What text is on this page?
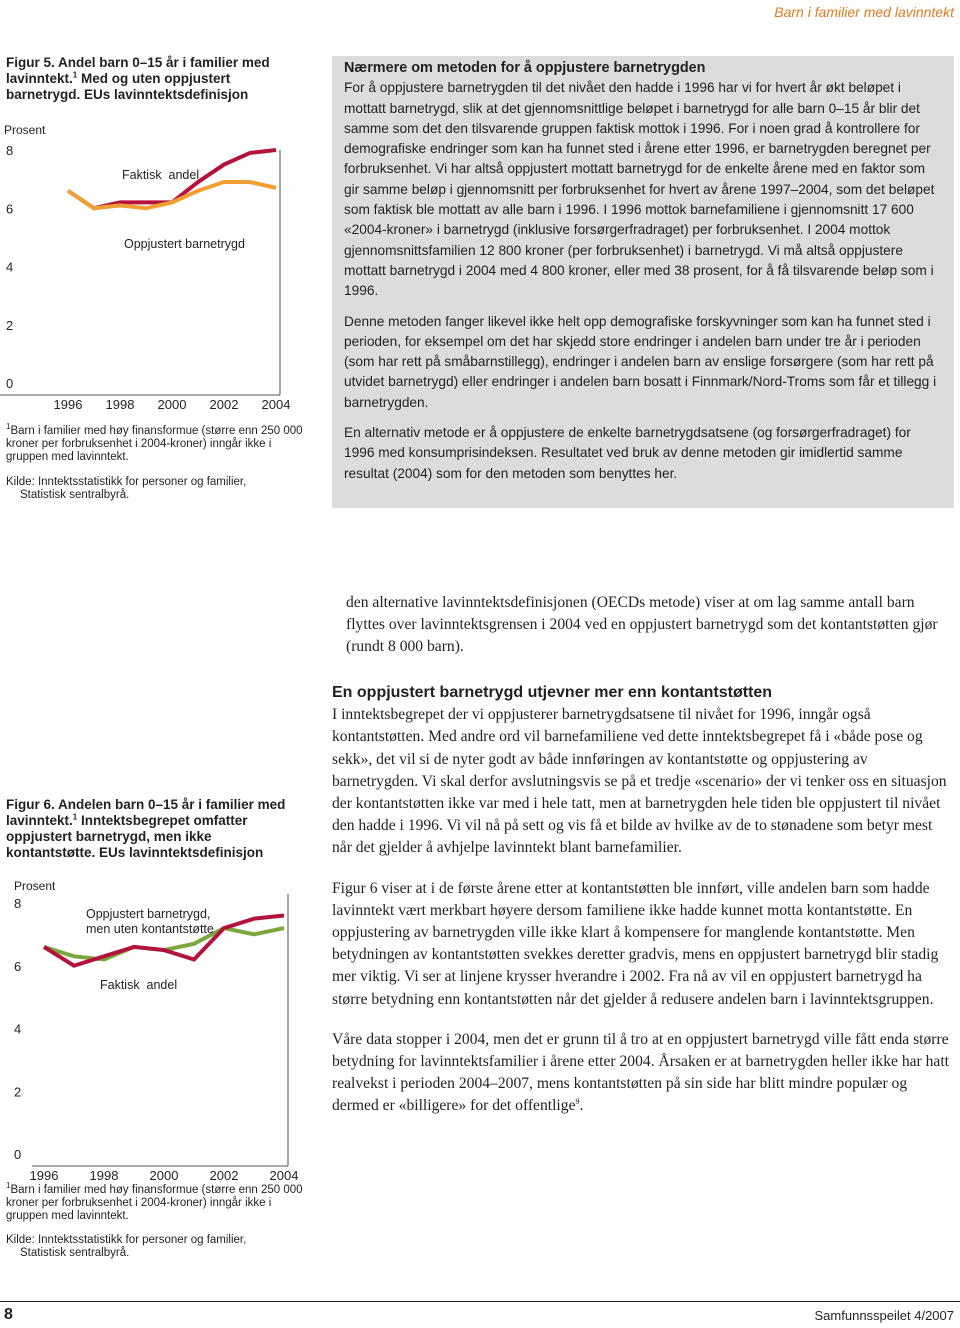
Barn i familier med lavinntekt
Figur 5. Andel barn 0–15 år i familier med lavinntekt.$^1$ Med og uten oppjustert barnetrygd. EUs lavinntektsdefinisjon
Prosent
0
2
4
6
8
1996 1998 2000 2002 2004
Faktisk  andel
Oppjustert barnetrygd
$^1$Barn i familier med høy finansformue (større enn 250 000 kroner per forbruksenhet i 2004-kroner) inngår ikke i gruppen med lavinntekt.
Kilde: Inntektsstatistikk for personer og familier,
Statistisk sentralbyrå.
Nærmere om metoden for å oppjustere barnetrygden

For å oppjustere barnetrygden til det nivået den hadde i 1996 har vi for hvert år økt beløpet i mottatt barnetrygd, slik at det gjennomsnittlige beløpet i barnetrygd for alle barn 0–15 år blir det samme som det den tilsvarende gruppen faktisk mottok i 1996. For i noen grad å kontrollere for demografiske endringer som kan ha funnet sted i årene etter 1996, er barnetrygden beregnet per forbruksenhet. Vi har altså oppjustert mottatt barnetrygd for de enkelte årene med en faktor som gir samme beløp i gjennomsnitt per forbruksenhet for hvert av årene 1997–2004, som det beløpet som faktisk ble mottatt av alle barn i 1996. I 1996 mottok barnefamiliene i gjennomsnitt 17 600 «2004-kroner» i barnetrygd (inklusive forsørgerfradraget) per forbruksenhet. I 2004 mottok gjennomsnittsfamilien 12 800 kroner (per forbruksenhet) i barnetrygd. Vi må altså oppjustere mottatt barnetrygd i 2004 med 4 800 kroner, eller med 38 prosent, for å få tilsvarende beløp som i 1996.

Denne metoden fanger likevel ikke helt opp demografiske forskyvninger som kan ha funnet sted i perioden, for eksempel om det har skjedd store endringer i andelen barn under tre år i perioden (som har rett på småbarnstillegg), endringer i andelen barn av enslige forsørgere (som har rett på utvidet barnetrygd) eller endringer i andelen barn bosatt i Finnmark/Nord-Troms som får et tillegg i barnetrygden.

En alternativ metode er å oppjustere de enkelte barnetrygdsatsene (og forsørgerfradraget) for 1996 med konsumprisindeksen. Resultatet ved bruk av denne metoden gir imidlertid samme resultat (2004) som for den metoden som benyttes her.

den alternative lavinntektsdefinisjonen (OECDs metode) viser at om lag samme antall barn flyttes over lavinntektsgrensen i 2004 ved en oppjustert barnetrygd som det kontantstøtten gjør (rundt 8 000 barn).
En oppjustert barnetrygd utjevner mer enn kontantstøtten

I inntektsbegrepet der vi oppjusterer barnetrygdsatsene til nivået for 1996, inngår også kontantstøtten. Med andre ord vil barnefamiliene ved dette inntektsbegrepet få i «både pose og sekk», det vil si de nyter godt av både innføringen av kontantstøtte og oppjustering av barnetrygden. Vi skal derfor avslutningsvis se på et tredje «scenario» der vi tenker oss en situasjon der kontantstøtten ikke var med i hele tatt, men at barnetrygden hele tiden ble oppjustert til nivået den hadde i 1996. Vi vil nå på sett og vis få et bilde av hvilke av de to stønadene som betyr mest når det gjelder å avhjelpe lavinntekt blant barnefamilier.

Figur 6 viser at i de første årene etter at kontantstøtten ble innført, ville andelen barn som hadde lavinntekt vært merkbart høyere dersom familiene ikke hadde kunnet motta kontantstøtte. En oppjustering av barnetrygden ville ikke klart å kompensere for manglende kontantstøtte. Men betydningen av kontantstøtten svekkes deretter gradvis, mens en oppjustert barnetrygd blir stadig mer viktig. Vi ser at linjene krysser hverandre i 2002. Fra nå av vil en oppjustert barnetrygd ha større betydning enn kontantstøtten når det gjelder å redusere andelen barn i lavinntektsgruppen.

Våre data stopper i 2004, men det er grunn til å tro at en oppjustert barnetrygd ville fått enda større betydning for lavinntektsfamilier i årene etter 2004. Årsaken er at barnetrygden heller ikke har hatt realvekst i perioden 2004–2007, mens kontantstøtten på sin side har blitt mindre populær og dermed er «billigere» for det offentlige$^9$.

Figur 6. Andelen barn 0–15 år i familier med lavinntekt.$^1$ Inntektsbegrepet omfatter oppjustert barnetrygd, men ikke kontantstøtte. EUs lavinntektsdefinisjon
Prosent
0
2
4
6
8
1996 1998 2000 2002 2004
Oppjustert barnetrygd,
men uten kontantstøtte
Faktisk  andel
$^1$Barn i familier med høy finansformue (større enn 250 000 kroner per forbruksenhet i 2004-kroner) inngår ikke i gruppen med lavinntekt.
Kilde: Inntektsstatistikk for personer og familier,
Statistisk sentralbyrå.
8	Samfunnsspeilet 4/2007
